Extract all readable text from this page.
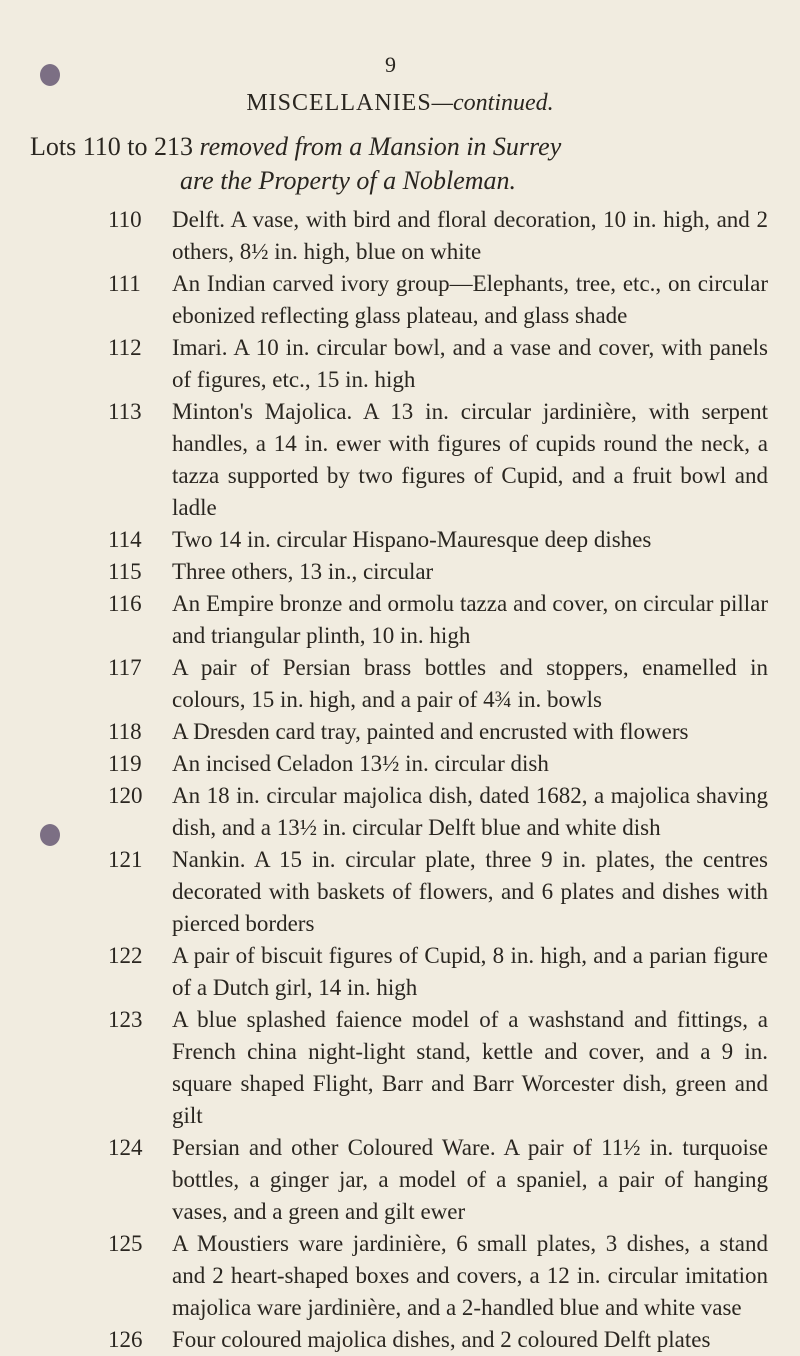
9
MISCELLANIES—continued.
Lots 110 to 213 removed from a Mansion in Surrey
are the Property of a Nobleman.
110 Delft. A vase, with bird and floral decoration, 10 in. high, and 2 others, 8½ in. high, blue on white
111 An Indian carved ivory group—Elephants, tree, etc., on circular ebonized reflecting glass plateau, and glass shade
112 Imari. A 10 in. circular bowl, and a vase and cover, with panels of figures, etc., 15 in. high
113 Minton's Majolica. A 13 in. circular jardinière, with serpent handles, a 14 in. ewer with figures of cupids round the neck, a tazza supported by two figures of Cupid, and a fruit bowl and ladle
114 Two 14 in. circular Hispano-Mauresque deep dishes
115 Three others, 13 in., circular
116 An Empire bronze and ormolu tazza and cover, on circular pillar and triangular plinth, 10 in. high
117 A pair of Persian brass bottles and stoppers, enamelled in colours, 15 in. high, and a pair of 4¾ in. bowls
118 A Dresden card tray, painted and encrusted with flowers
119 An incised Celadon 13½ in. circular dish
120 An 18 in. circular majolica dish, dated 1682, a majolica shaving dish, and a 13½ in. circular Delft blue and white dish
121 Nankin. A 15 in. circular plate, three 9 in. plates, the centres decorated with baskets of flowers, and 6 plates and dishes with pierced borders
122 A pair of biscuit figures of Cupid, 8 in. high, and a parian figure of a Dutch girl, 14 in. high
123 A blue splashed faience model of a washstand and fittings, a French china night-light stand, kettle and cover, and a 9 in. square shaped Flight, Barr and Barr Worcester dish, green and gilt
124 Persian and other Coloured Ware. A pair of 11½ in. turquoise bottles, a ginger jar, a model of a spaniel, a pair of hanging vases, and a green and gilt ewer
125 A Moustiers ware jardinière, 6 small plates, 3 dishes, a stand and 2 heart-shaped boxes and covers, a 12 in. circular imitation majolica ware jardinière, and a 2-handled blue and white vase
126 Four coloured majolica dishes, and 2 coloured Delft plates
